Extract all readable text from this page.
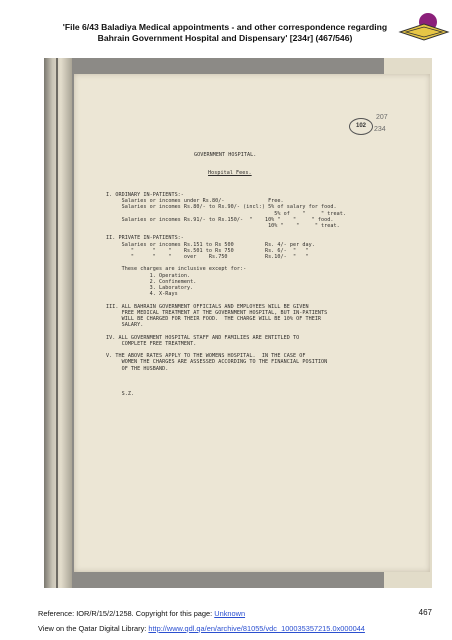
'File 6/43 Baladiya Medical appointments - and other correspondence regarding
Bahrain Government Hospital and Dispensary' [234r] (467/546)
102
207
234
GOVERNMENT HOSPITAL.
Hospital Fees.
I. ORDINARY IN-PATIENTS:-
Salaries or incomes under Rs.80/-              Free.
Salaries or incomes Rs.80/- to Rs.90/- (incl:) 5% of salary for food.
5% of    "     " treat.
Salaries or incomes Rs.91/- to Rs.150/-  "    10% "    "     " food.
10% "    "     " treat.

II. PRIVATE IN-PATIENTS:-
Salaries or incomes Rs.151 to Rs 500          Rs. 4/- per day.
"      "    "    Rs.501 to Rs 750          Rs. 6/-  "   "
"      "    "    over    Rs.750            Rs.10/-  "   "

These charges are inclusive except for:-
1. Operation.
2. Confinement.
3. Laboratory.
4. X-Rays

III. ALL BAHRAIN GOVERNMENT OFFICIALS AND EMPLOYEES WILL BE GIVEN
FREE MEDICAL TREATMENT AT THE GOVERNMENT HOSPITAL, BUT IN-PATIENTS
WILL BE CHARGED FOR THEIR FOOD.  THE CHARGE WILL BE 10% OF THEIR
SALARY.

IV. ALL GOVERNMENT HOSPITAL STAFF AND FAMILIES ARE ENTITLED TO
COMPLETE FREE TREATMENT.

V. THE ABOVE RATES APPLY TO THE WOMENS HOSPITAL.  IN THE CASE OF
WOMEN THE CHARGES ARE ASSESSED ACCORDING TO THE FINANCIAL POSITION
OF THE HUSBAND.

S.Z.
Reference: IOR/R/15/2/1258. Copyright for this page: Unknown
View on the Qatar Digital Library: http://www.qdl.qa/en/archive/81055/vdc_100035357215.0x000044
467
